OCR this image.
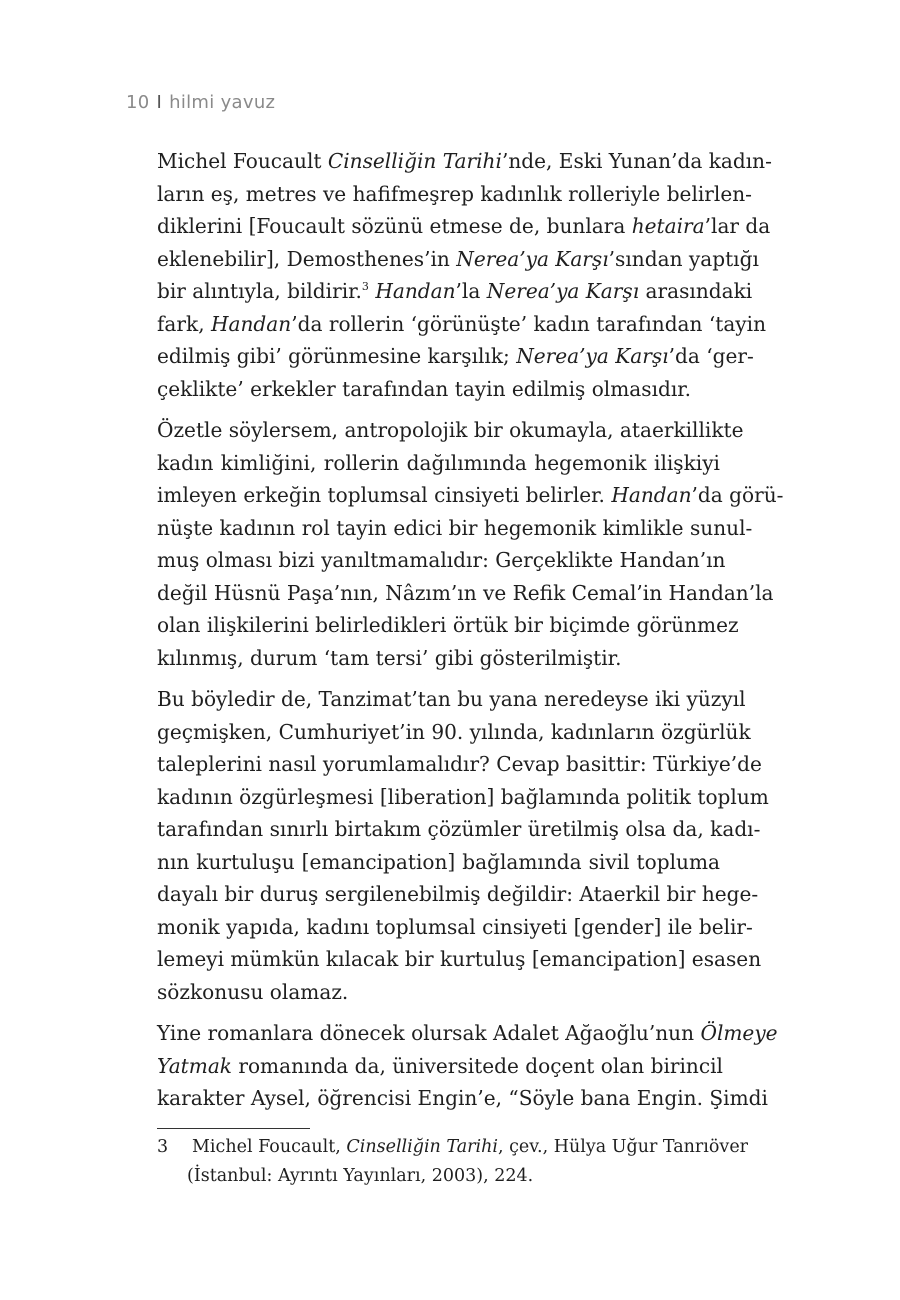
10 I hilmi yavuz
Michel Foucault Cinselliğin Tarihi’nde, Eski Yunan’da kadın-
ların eş, metres ve hafifmeşrep kadınlık rolleriyle belirlen-
diklerini [Foucault sözünü etmese de, bunlara hetaira’lar da
eklenebilir], Demosthenes’in Nerea’ya Karşı’sından yaptığı
bir alıntıyla, bildirir.$^3$ Handan’la Nerea’ya Karşı arasındaki
fark, Handan’da rollerin ‘görünüşte’ kadın tarafından ‘tayin
edilmiş gibi’ görünmesine karşılık; Nerea’ya Karşı’da ‘ger-
çeklikte’ erkekler tarafından tayin edilmiş olmasıdır.
Özetle söylersem, antropolojik bir okumayla, ataerkillikte
kadın kimliğini, rollerin dağılımında hegemonik ilişkiyi
imleyen erkeğin toplumsal cinsiyeti belirler. Handan’da görü-
nüşte kadının rol tayin edici bir hegemonik kimlikle sunul-
muş olması bizi yanıltmamalıdır: Gerçeklikte Handan’ın
değil Hüsnü Paşa’nın, Nâzım’ın ve Refik Cemal’in Handan’la
olan ilişkilerini belirledikleri örtük bir biçimde görünmez
kılınmış, durum ‘tam tersi’ gibi gösterilmiştir.
Bu böyledir de, Tanzimat’tan bu yana neredeyse iki yüzyıl
geçmişken, Cumhuriyet’in 90. yılında, kadınların özgürlük
taleplerini nasıl yorumlamalıdır? Cevap basittir: Türkiye’de
kadının özgürleşmesi [liberation] bağlamında politik toplum
tarafından sınırlı birtakım çözümler üretilmiş olsa da, kadı-
nın kurtuluşu [emancipation] bağlamında sivil topluma
dayalı bir duruş sergilenebilmiş değildir: Ataerkil bir hege-
monik yapıda, kadını toplumsal cinsiyeti [gender] ile belir-
lemeyi mümkün kılacak bir kurtuluş [emancipation] esasen
sözkonusu olamaz.
Yine romanlara dönecek olursak Adalet Ağaoğlu’nun Ölmeye
Yatmak romanında da, üniversitede doçent olan birincil
karakter Aysel, öğrencisi Engin’e, “Söyle bana Engin. Şimdi
3 Michel Foucault, Cinselliğin Tarihi, çev., Hülya Uğur Tanrıöver
(İstanbul: Ayrıntı Yayınları, 2003), 224.
